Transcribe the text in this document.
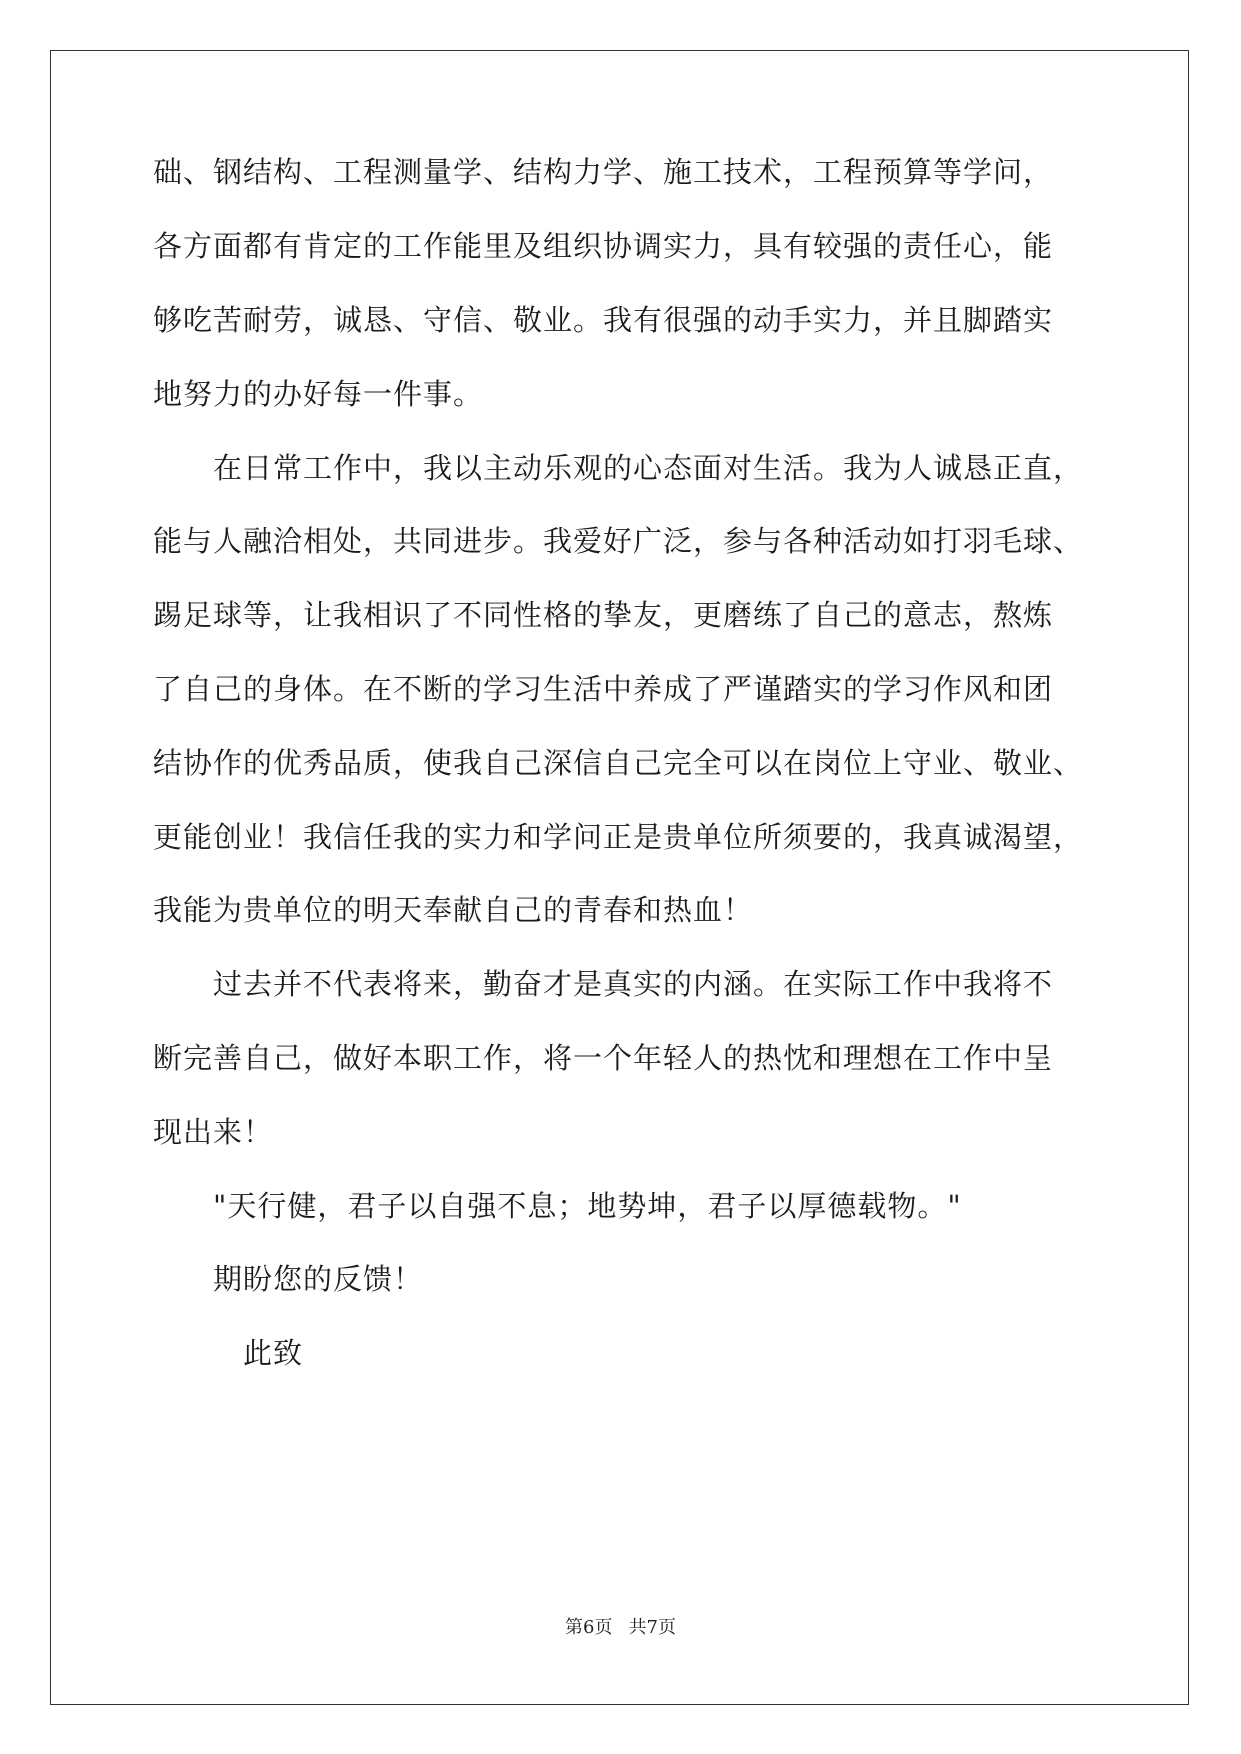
础、钢结构、工程测量学、结构力学、施工技术，工程预算等学问，
各方面都有肯定的工作能里及组织协调实力，具有较强的责任心，能
够吃苦耐劳，诚恳、守信、敬业。我有很强的动手实力，并且脚踏实
地努力的办好每一件事。
在日常工作中，我以主动乐观的心态面对生活。我为人诚恳正直，
能与人融洽相处，共同进步。我爱好广泛，参与各种活动如打羽毛球、
踢足球等，让我相识了不同性格的挚友，更磨练了自己的意志，熬炼
了自己的身体。在不断的学习生活中养成了严谨踏实的学习作风和团
结协作的优秀品质，使我自己深信自己完全可以在岗位上守业、敬业、
更能创业！我信任我的实力和学问正是贵单位所须要的，我真诚渴望，
我能为贵单位的明天奉献自己的青春和热血！
过去并不代表将来，勤奋才是真实的内涵。在实际工作中我将不
断完善自己，做好本职工作，将一个年轻人的热忱和理想在工作中呈
现出来！
"天行健，君子以自强不息；地势坤，君子以厚德载物。"
期盼您的反馈！
此致
第6页 共7页
